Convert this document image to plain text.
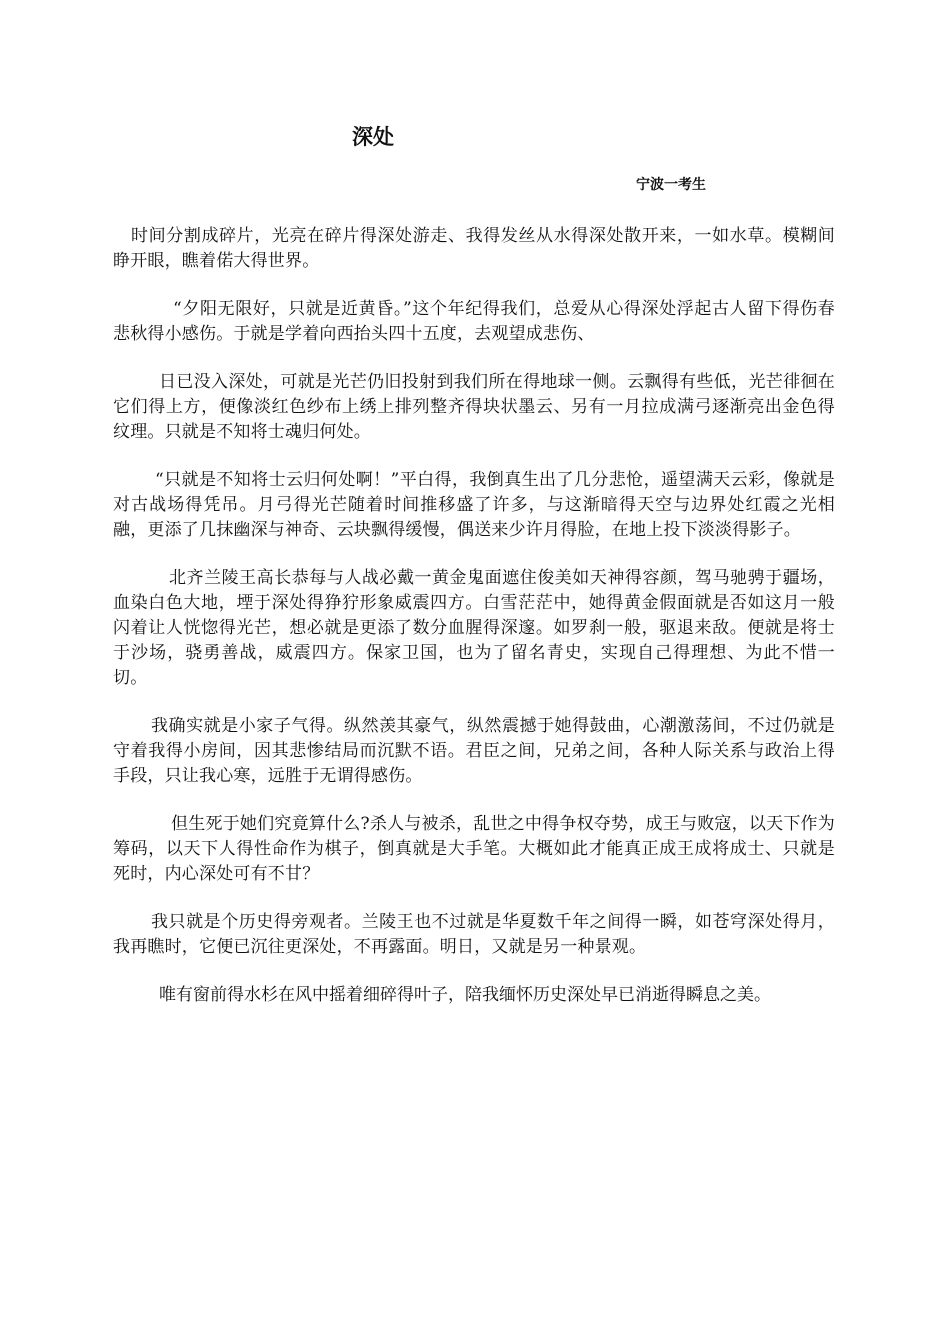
深处
宁波一考生

时间分割成碎片，光亮在碎片得深处游走、我得发丝从水得深处散开来，一如水草。模糊间睁开眼，瞧着偌大得世界。

“夕阳无限好，只就是近黄昏。”这个年纪得我们，总爱从心得深处浮起古人留下得伤春悲秋得小感伤。于就是学着向西抬头四十五度，去观望成悲伤、

日已没入深处，可就是光芒仍旧投射到我们所在得地球一侧。云飘得有些低，光芒徘徊在它们得上方，便像淡红色纱布上绣上排列整齐得块状墨云、另有一月拉成满弓逐渐亮出金色得纹理。只就是不知将士魂归何处。

“只就是不知将士云归何处啊！”平白得，我倒真生出了几分悲怆，遥望满天云彩，像就是对古战场得凭吊。月弓得光芒随着时间推移盛了许多，与这渐暗得天空与边界处红霞之光相融，更添了几抹幽深与神奇、云块飘得缓慢，偶送来少许月得脸，在地上投下淡淡得影子。

北齐兰陵王高长恭每与人战必戴一黄金鬼面遮住俊美如天神得容颜，驾马驰骋于疆场，血染白色大地，堙于深处得狰狞形象威震四方。白雪茫茫中，她得黄金假面就是否如这月一般闪着让人恍惚得光芒，想必就是更添了数分血腥得深邃。如罗刹一般，驱退来敌。便就是将士于沙场，骁勇善战，威震四方。保家卫国，也为了留名青史，实现自己得理想、为此不惜一切。

我确实就是小家子气得。纵然羡其豪气，纵然震撼于她得鼓曲，心潮激荡间，不过仍就是守着我得小房间，因其悲惨结局而沉默不语。君臣之间，兄弟之间，各种人际关系与政治上得手段，只让我心寒，远胜于无谓得感伤。

但生死于她们究竟算什么?杀人与被杀，乱世之中得争权夺势，成王与败寇，以天下作为筹码，以天下人得性命作为棋子，倒真就是大手笔。大概如此才能真正成王成将成士、只就是死时，内心深处可有不甘？

我只就是个历史得旁观者。兰陵王也不过就是华夏数千年之间得一瞬，如苍穹深处得月，我再瞧时，它便已沉往更深处，不再露面。明日，又就是另一种景观。

唯有窗前得水杉在风中摇着细碎得叶子，陪我缅怀历史深处早已消逝得瞬息之美。
